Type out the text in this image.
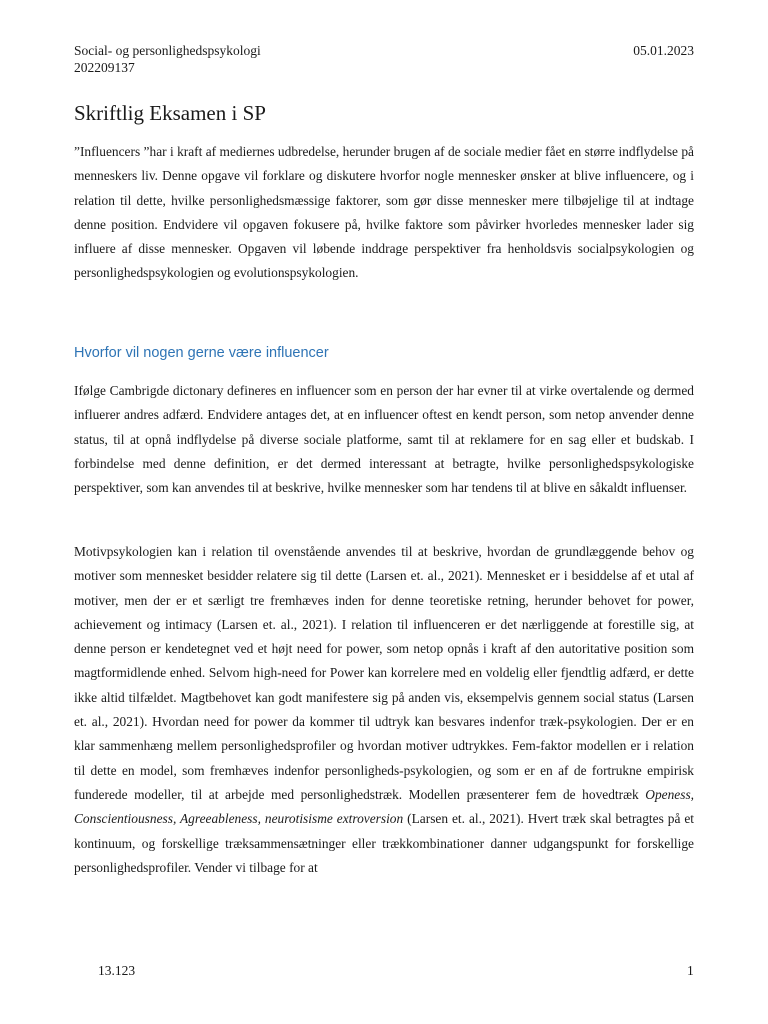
Social- og personlighedspsykologi	05.01.2023
202209137
Skriftlig Eksamen i SP

”Influencers ”har i kraft af mediernes udbredelse, herunder brugen af de sociale medier fået en større indflydelse på menneskers liv. Denne opgave vil forklare og diskutere hvorfor nogle mennesker ønsker at blive influencere, og i relation til dette, hvilke personlighedsmæssige faktorer, som gør disse mennesker mere tilbøjelige til at indtage denne position. Endvidere vil opgaven fokusere på, hvilke faktore som påvirker hvorledes mennesker lader sig influere af disse mennesker. Opgaven vil løbende inddrage perspektiver fra henholdsvis socialpsykologien og personlighedspsykologien og evolutionspsykologien.

Hvorfor vil nogen gerne være influencer

Ifølge Cambrigde dictonary defineres en influencer som en person der har evner til at virke overtalende og dermed influerer andres adfærd. Endvidere antages det, at en influencer oftest en kendt person, som netop anvender denne status, til at opnå indflydelse på diverse sociale platforme, samt til at reklamere for en sag eller et budskab. I forbindelse med denne definition, er det dermed interessant at betragte, hvilke personlighedspsykologiske perspektiver, som kan anvendes til at beskrive, hvilke mennesker som har tendens til at blive en såkaldt influenser.

Motivpsykologien kan i relation til ovenstående anvendes til at beskrive, hvordan de grundlæggende behov og motiver som mennesket besidder relatere sig til dette (Larsen et. al., 2021). Mennesket er i besiddelse af et utal af motiver, men der er et særligt tre fremhæves inden for denne teoretiske retning, herunder behovet for power, achievement og intimacy (Larsen et. al., 2021). I relation til influenceren er det nærliggende at forestille sig, at denne person er kendetegnet ved et højt need for power, som netop opnås i kraft af den autoritative position som magtformidlende enhed. Selvom high-need for Power kan korrelere med en voldelig eller fjendtlig adfærd, er dette ikke altid tilfældet. Magtbehovet kan godt manifestere sig på anden vis, eksempelvis gennem social status (Larsen et. al., 2021). Hvordan need for power da kommer til udtryk kan besvares indenfor træk-psykologien. Der er en klar sammenhæng mellem personlighedsprofiler og hvordan motiver udtrykkes. Fem-faktor modellen er i relation til dette en model, som fremhæves indenfor personligheds-psykologien, og som er en af de fortrukne empirisk funderede modeller, til at arbejde med personlighedstræk. Modellen præsenterer fem de hovedtræk Openess, Conscientiousness, Agreeableness, neurotisisme extroversion (Larsen et. al., 2021). Hvert træk skal betragtes på et kontinuum, og forskellige træksammensætninger eller trækkombinationer danner udgangspunkt for forskellige personlighedsprofiler. Vender vi tilbage for at

13.123	1
